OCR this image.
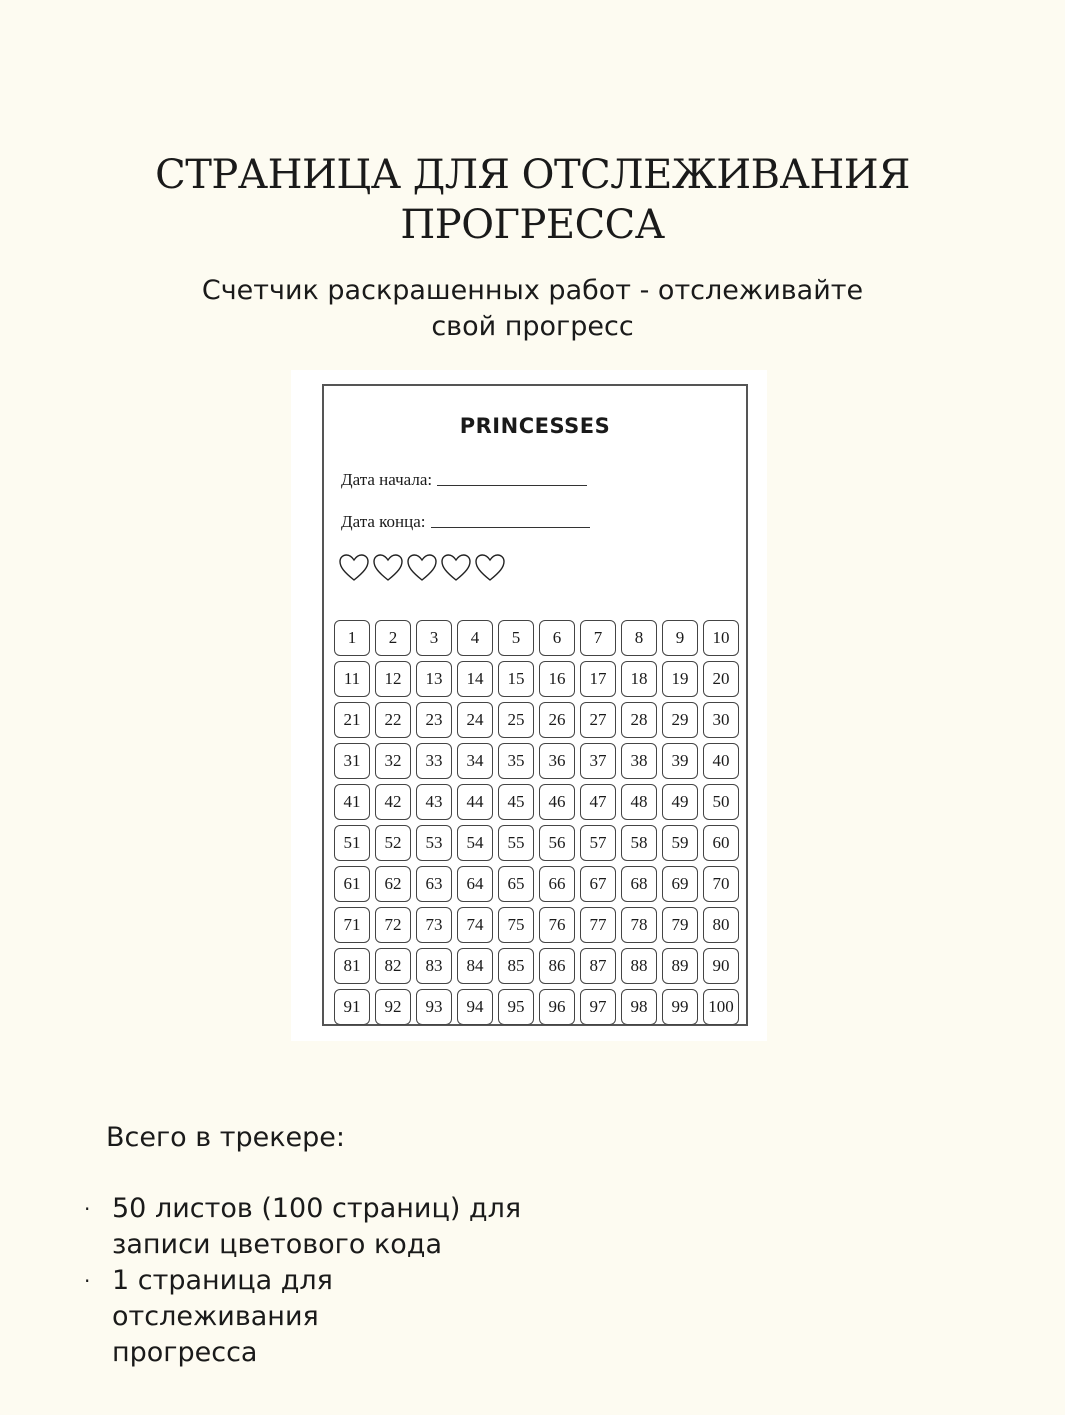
СТРАНИЦА ДЛЯ ОТСЛЕЖИВАНИЯ
ПРОГРЕССА

Счетчик раскрашенных работ - отслеживайте
свой прогресс

PRINCESSES
Дата начала:
Дата конца:
1	2	3	4	5	6	7	8	9	10
11	12	13	14	15	16	17	18	19	20
21	22	23	24	25	26	27	28	29	30
31	32	33	34	35	36	37	38	39	40
41	42	43	44	45	46	47	48	49	50
51	52	53	54	55	56	57	58	59	60
61	62	63	64	65	66	67	68	69	70
71	72	73	74	75	76	77	78	79	80
81	82	83	84	85	86	87	88	89	90
91	92	93	94	95	96	97	98	99	100

Всего в трекере:

· 50 листов (100 страниц) для
записи цветового кода
· 1 страница для отслеживания
прогресса
